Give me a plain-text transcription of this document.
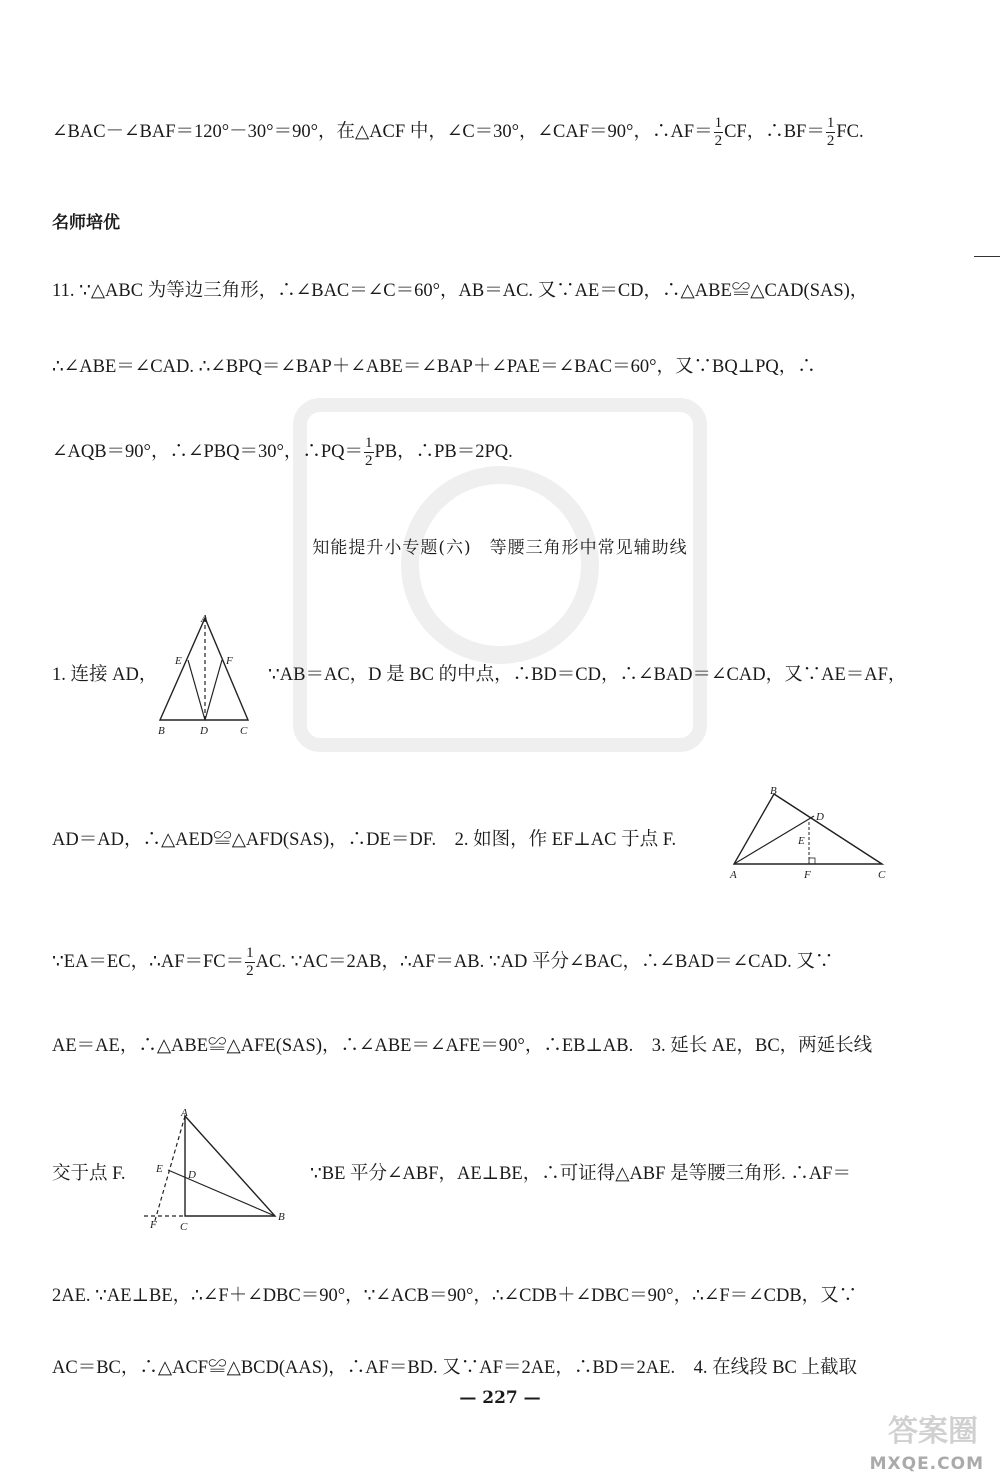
∠BAC－∠BAF＝120°－30°＝90°，在△ACF 中，∠C＝30°，∠CAF＝90°，∴AF＝ $\frac{1}{2}$ CF，∴BF＝ $\frac{1}{2}$ FC.
名师培优
11. ∵△ABC 为等边三角形，∴∠BAC＝∠C＝60°，AB＝AC. 又∵AE＝CD，∴△ABE≌△CAD(SAS)，
∴∠ABE＝∠CAD. ∴∠BPQ＝∠BAP＋∠ABE＝∠BAP＋∠PAE＝∠BAC＝60°，又∵BQ⊥PQ，∴
∠AQB＝90°，∴∠PBQ＝30°，∴PQ＝ $\frac{1}{2}$ PB，∴PB＝2PQ.
知能提升小专题(六)　等腰三角形中常见辅助线
1. 连接 AD，
A
E	F
B	D	C
∵AB＝AC，D 是 BC 的中点，∴BD＝CD，∴∠BAD＝∠CAD，又∵AE＝AF，
AD＝AD，∴△AED≌△AFD(SAS)，∴DE＝DF.　2. 如图，作 EF⊥AC 于点 F.
B
D
E
A	F	C
∵EA＝EC，∴AF＝FC＝ $\frac{1}{2}$ AC. ∵AC＝2AB，∴AF＝AB. ∵AD 平分∠BAC，∴∠BAD＝∠CAD. 又∵
AE＝AE，∴△ABE≌△AFE(SAS)，∴∠ABE＝∠AFE＝90°，∴EB⊥AB.　3. 延长 AE，BC，两延长线
交于点 F.
A
E D
B
F C
∵BE 平分∠ABF，AE⊥BE，∴可证得△ABF 是等腰三角形. ∴AF＝
2AE. ∵AE⊥BE，∴∠F＋∠DBC＝90°，∵∠ACB＝90°，∴∠CDB＋∠DBC＝90°，∴∠F＝∠CDB，又∵
AC＝BC，∴△ACF≌△BCD(AAS)，∴AF＝BD. 又∵AF＝2AE，∴BD＝2AE.　4. 在线段 BC 上截取
— 227 —
答案圈
MXQE.COM
